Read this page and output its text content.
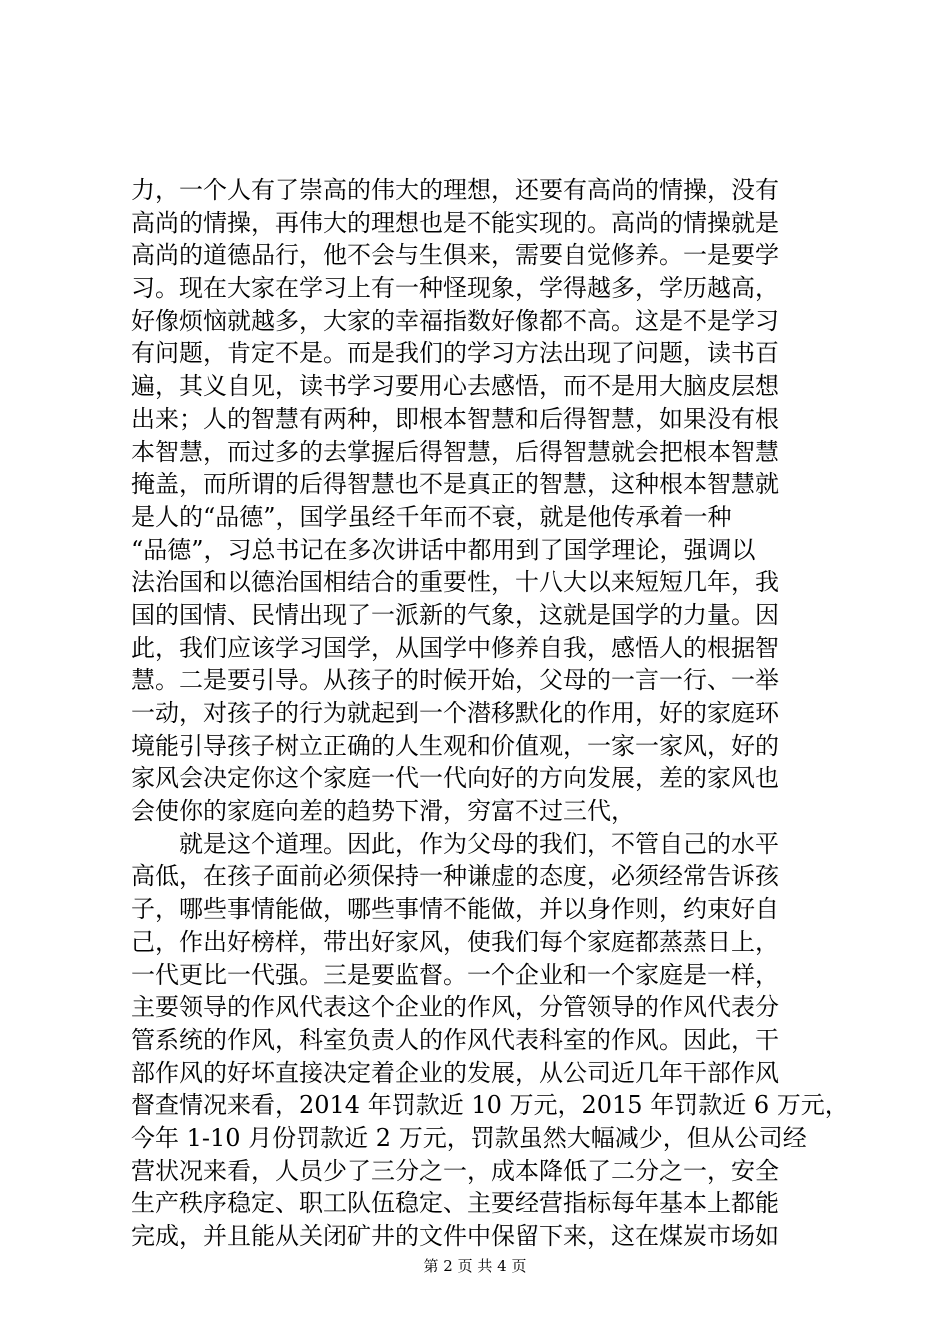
力，一个人有了崇高的伟大的理想，还要有高尚的情操，没有
高尚的情操，再伟大的理想也是不能实现的。高尚的情操就是
高尚的道德品行，他不会与生俱来，需要自觉修养。一是要学
习。现在大家在学习上有一种怪现象，学得越多，学历越高，
好像烦恼就越多，大家的幸福指数好像都不高。这是不是学习
有问题，肯定不是。而是我们的学习方法出现了问题，读书百
遍，其义自见，读书学习要用心去感悟，而不是用大脑皮层想
出来；人的智慧有两种，即根本智慧和后得智慧，如果没有根
本智慧，而过多的去掌握后得智慧，后得智慧就会把根本智慧
掩盖，而所谓的后得智慧也不是真正的智慧，这种根本智慧就
是人的“品德”，国学虽经千年而不衰，就是他传承着一种
“品德”，习总书记在多次讲话中都用到了国学理论，强调以
法治国和以德治国相结合的重要性，十八大以来短短几年，我
国的国情、民情出现了一派新的气象，这就是国学的力量。因
此，我们应该学习国学，从国学中修养自我，感悟人的根据智
慧。二是要引导。从孩子的时候开始，父母的一言一行、一举
一动，对孩子的行为就起到一个潜移默化的作用，好的家庭环
境能引导孩子树立正确的人生观和价值观，一家一家风，好的
家风会决定你这个家庭一代一代向好的方向发展，差的家风也
会使你的家庭向差的趋势下滑，穷富不过三代，
　　就是这个道理。因此，作为父母的我们，不管自己的水平
高低，在孩子面前必须保持一种谦虚的态度，必须经常告诉孩
子，哪些事情能做，哪些事情不能做，并以身作则，约束好自
己，作出好榜样，带出好家风，使我们每个家庭都蒸蒸日上，
一代更比一代强。三是要监督。一个企业和一个家庭是一样，
主要领导的作风代表这个企业的作风，分管领导的作风代表分
管系统的作风，科室负责人的作风代表科室的作风。因此，干
部作风的好坏直接决定着企业的发展，从公司近几年干部作风
督查情况来看，2014 年罚款近 10 万元，2015 年罚款近 6 万元，
今年 1-10 月份罚款近 2 万元，罚款虽然大幅减少，但从公司经
营状况来看，人员少了三分之一，成本降低了二分之一，安全
生产秩序稳定、职工队伍稳定、主要经营指标每年基本上都能
完成，并且能从关闭矿井的文件中保留下来，这在煤炭市场如
第 2 页 共 4 页
